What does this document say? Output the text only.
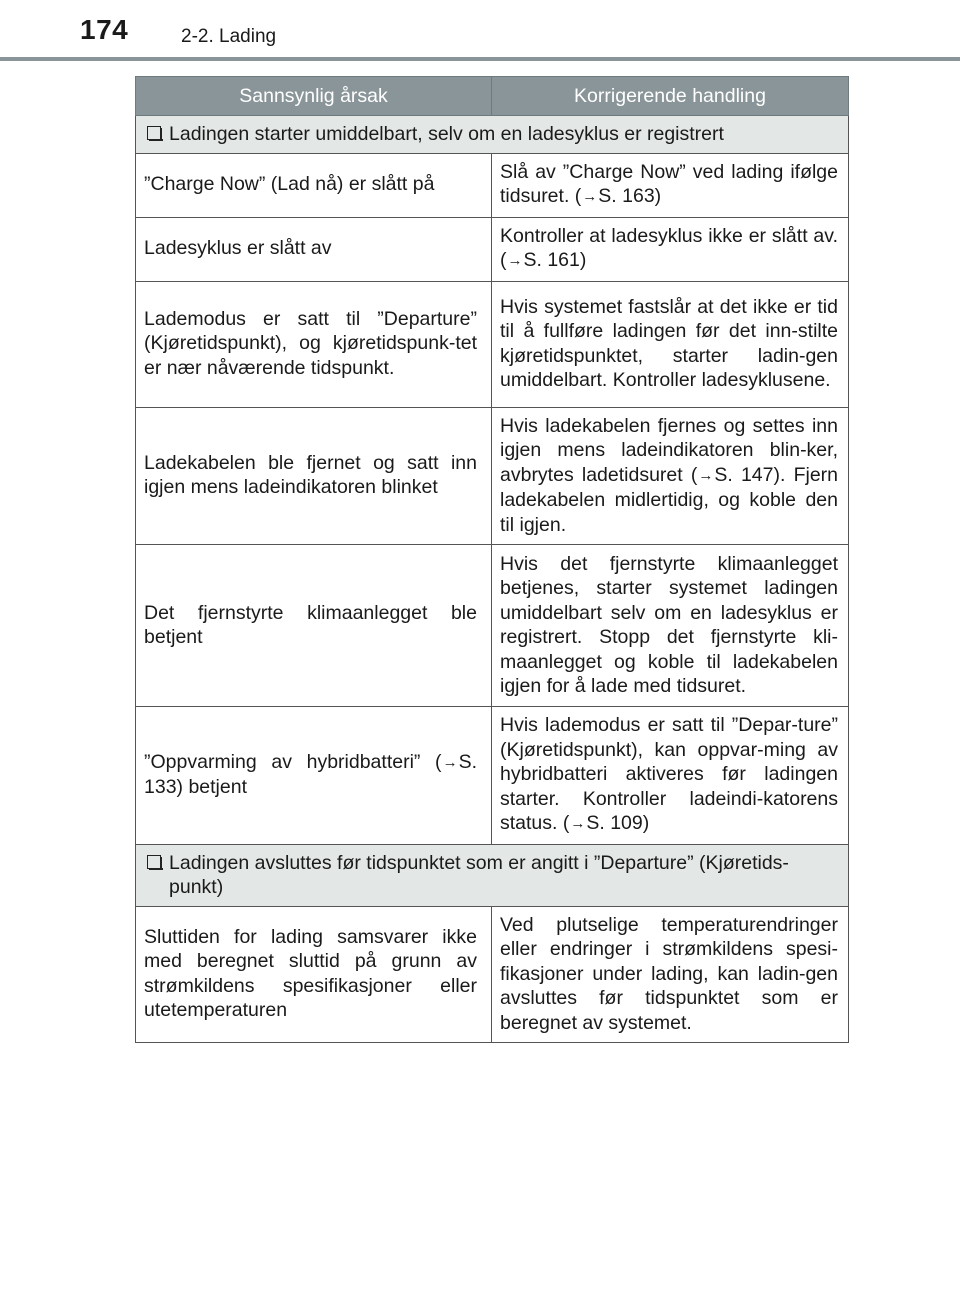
174	2-2. Lading
Sannsynlig årsak	Korrigerende handling

Ladingen starter umiddelbart, selv om en ladesyklus er registrert	

”Charge Now” (Lad nå) er slått på	Slå av ”Charge Now” ved lading ifølge tidsuret. (→S. 163)
Ladesyklus er slått av	Kontroller at ladesyklus ikke er slått av. (→S. 161)
Lademodus er satt til ”Departure” (Kjøretidspunkt), og kjøretidspunk-tet er nær nåværende tidspunkt.	Hvis systemet fastslår at det ikke er tid til å fullføre ladingen før det inn-stilte kjøretidspunktet, starter ladin-gen umiddelbart. Kontroller ladesyklusene.
Ladekabelen ble fjernet og satt inn igjen mens ladeindikatoren blinket	Hvis ladekabelen fjernes og settes inn igjen mens ladeindikatoren blin-ker, avbrytes ladetidsuret (→S. 147). Fjern ladekabelen midlertidig, og koble den til igjen.
Det fjernstyrte klimaanlegget ble betjent	Hvis det fjernstyrte klimaanlegget betjenes, starter systemet ladingen umiddelbart selv om en ladesyklus er registrert. Stopp det fjernstyrte kli-maanlegget og koble til ladekabelen igjen for å lade med tidsuret.
”Oppvarming av hybridbatteri” (→S. 133) betjent	Hvis lademodus er satt til ”Depar-ture” (Kjøretidspunkt), kan oppvar-ming av hybridbatteri aktiveres før ladingen starter. Kontroller ladeindi-katorens status. (→S. 109)

Ladingen avsluttes før tidspunktet som er angitt i ”Departure” (Kjøretids-punkt)	

Sluttiden for lading samsvarer ikke med beregnet sluttid på grunn av strømkildens spesifikasjoner eller utetemperaturen	Ved plutselige temperaturendringer eller endringer i strømkildens spesi-fikasjoner under lading, kan ladin-gen avsluttes før tidspunktet som er beregnet av systemet.
